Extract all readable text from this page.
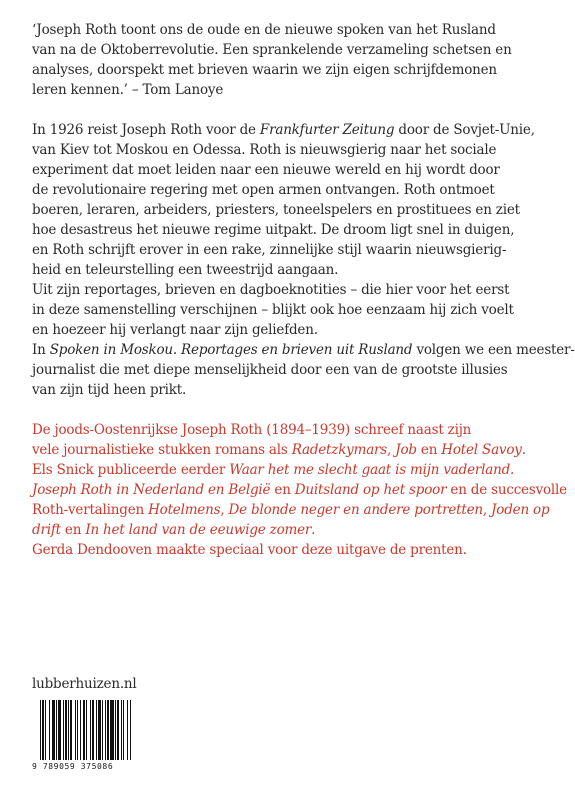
‘Joseph Roth toont ons de oude en de nieuwe spoken van het Rusland
van na de Oktoberrevolutie. Een sprankelende verzameling schetsen en
analyses, doorspekt met brieven waarin we zijn eigen schrijfdemonen
leren kennen.’ – Tom Lanoye

In 1926 reist Joseph Roth voor de Frankfurter Zeitung door de Sovjet-Unie,
van Kiev tot Moskou en Odessa. Roth is nieuwsgierig naar het sociale
experiment dat moet leiden naar een nieuwe wereld en hij wordt door
de revolutionaire regering met open armen ontvangen. Roth ontmoet
boeren, leraren, arbeiders, priesters, toneelspelers en prostituees en ziet
hoe desastreus het nieuwe regime uitpakt. De droom ligt snel in duigen,
en Roth schrijft erover in een rake, zinnelijke stijl waarin nieuwsgierig-
heid en teleurstelling een tweestrijd aangaan.
Uit zijn reportages, brieven en dagboeknotities – die hier voor het eerst
in deze samenstelling verschijnen – blijkt ook hoe eenzaam hij zich voelt
en hoezeer hij verlangt naar zijn geliefden.
In Spoken in Moskou. Reportages en brieven uit Rusland volgen we een meester-
journalist die met diepe menselijkheid door een van de grootste illusies
van zijn tijd heen prikt.

De joods-Oostenrijkse Joseph Roth (1894–1939) schreef naast zijn
vele journalistieke stukken romans als Radetzkymars, Job en Hotel Savoy.
Els Snick publiceerde eerder Waar het me slecht gaat is mijn vaderland.
Joseph Roth in Nederland en België en Duitsland op het spoor en de succesvolle
Roth-vertalingen Hotelmens, De blonde neger en andere portretten, Joden op
drift en In het land van de eeuwige zomer.
Gerda Dendooven maakte speciaal voor deze uitgave de prenten.

lubberhuizen.nl
9 789059 375086
